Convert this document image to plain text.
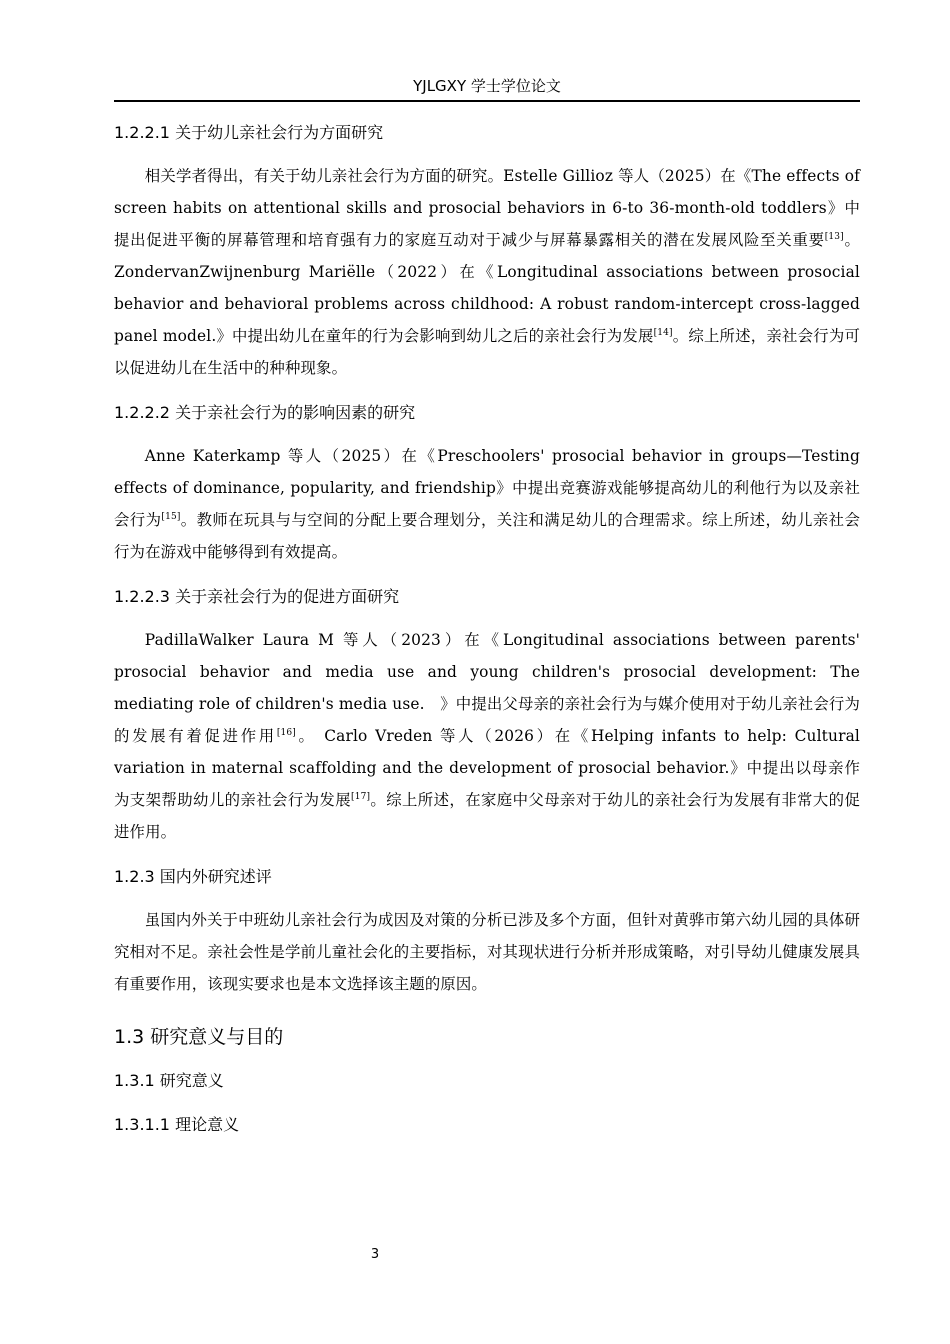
YJLGXY 学士学位论文
1.2.2.1 关于幼儿亲社会行为方面研究

相关学者得出，有关于幼儿亲社会行为方面的研究。Estelle Gillioz 等人（2025）在《The effects of screen habits on attentional skills and prosocial behaviors in 6-to 36-month-old toddlers》中提出促进平衡的屏幕管理和培育强有力的家庭互动对于减少与屏幕暴露相关的潜在发展风险至关重要[13]。 ZondervanZwijnenburg Mariëlle（2022）在《Longitudinal associations between prosocial behavior and behavioral problems across childhood: A robust random-intercept cross-lagged panel model.》中提出幼儿在童年的行为会影响到幼儿之后的亲社会行为发展[14]。综上所述，亲社会行为可以促进幼儿在生活中的种种现象。

1.2.2.2 关于亲社会行为的影响因素的研究

Anne Katerkamp 等人（2025）在《Preschoolers' prosocial behavior in groups—Testing effects of dominance, popularity, and friendship》中提出竞赛游戏能够提高幼儿的利他行为以及亲社会行为[15]。教师在玩具与与空间的分配上要合理划分，关注和满足幼儿的合理需求。综上所述，幼儿亲社会行为在游戏中能够得到有效提高。

1.2.2.3 关于亲社会行为的促进方面研究

PadillaWalker Laura M 等人（2023）在《Longitudinal associations between parents' prosocial behavior and media use and young children's prosocial development: The mediating role of children's media use.　》中提出父母亲的亲社会行为与媒介使用对于幼儿亲社会行为的发展有着促进作用[16]。 Carlo Vreden 等人（2026）在《Helping infants to help: Cultural variation in maternal scaffolding and the development of prosocial behavior.》中提出以母亲作为支架帮助幼儿的亲社会行为发展[17]。综上所述，在家庭中父母亲对于幼儿的亲社会行为发展有非常大的促进作用。

1.2.3 国内外研究述评

虽国内外关于中班幼儿亲社会行为成因及对策的分析已涉及多个方面，但针对黄骅市第六幼儿园的具体研究相对不足。亲社会性是学前儿童社会化的主要指标，对其现状进行分析并形成策略，对引导幼儿健康发展具有重要作用，该现实要求也是本文选择该主题的原因。

1.3 研究意义与目的
1.3.1 研究意义
1.3.1.1 理论意义
3
